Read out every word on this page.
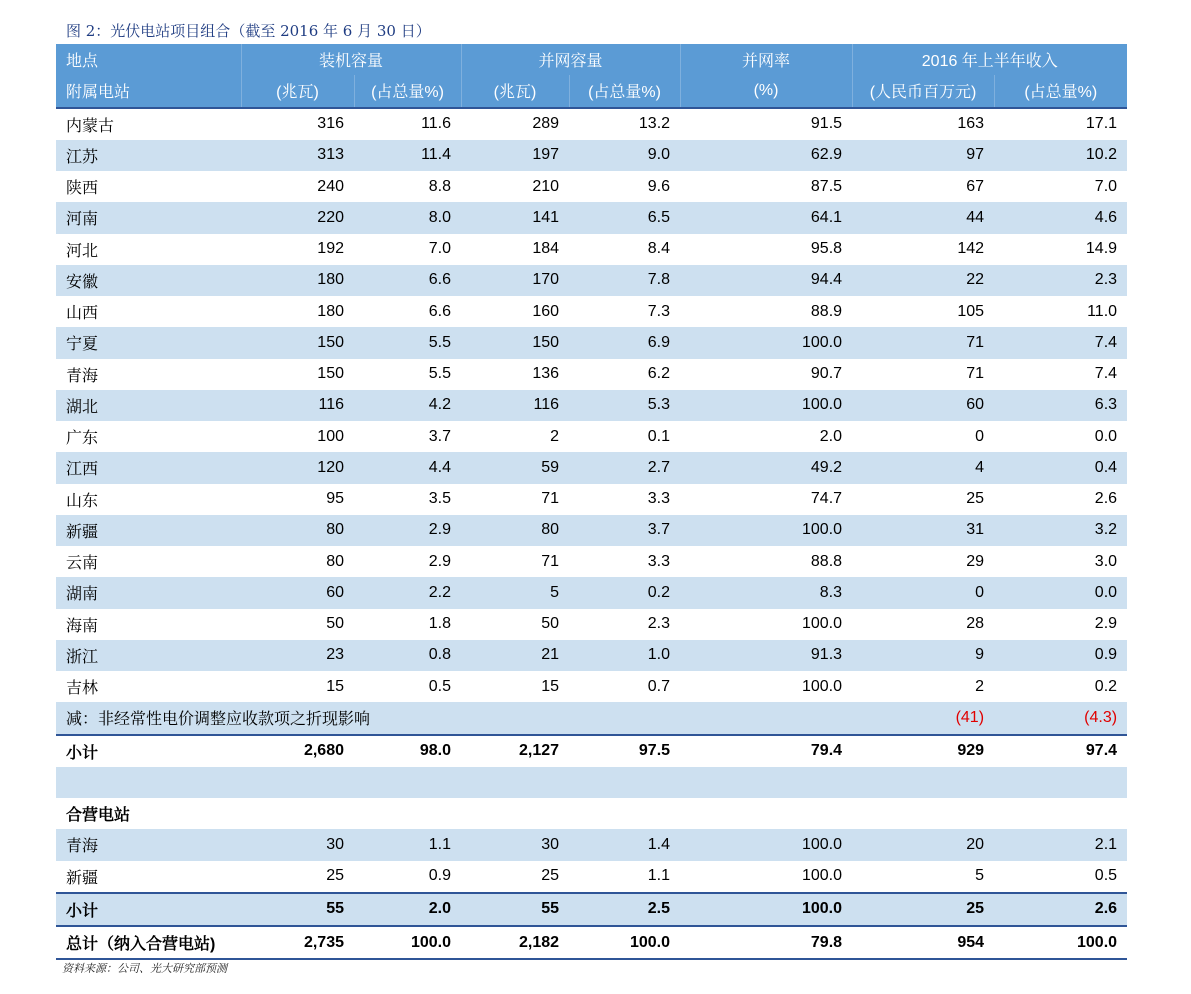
图 2：光伏电站项目组合（截至 2016 年 6 月 30 日）
地点	装机容量		并网容量		并网率	2016 年上半年收入	
附属电站	(兆瓦)	(占总量%)	(兆瓦)	(占总量%)	(%)	(人民币百万元)	(占总量%)
内蒙古	316	11.6	289	13.2	91.5	163	17.1
江苏	313	11.4	197	9.0	62.9	97	10.2
陕西	240	8.8	210	9.6	87.5	67	7.0
河南	220	8.0	141	6.5	64.1	44	4.6
河北	192	7.0	184	8.4	95.8	142	14.9
安徽	180	6.6	170	7.8	94.4	22	2.3
山西	180	6.6	160	7.3	88.9	105	11.0
宁夏	150	5.5	150	6.9	100.0	71	7.4
青海	150	5.5	136	6.2	90.7	71	7.4
湖北	116	4.2	116	5.3	100.0	60	6.3
广东	100	3.7	2	0.1	2.0	0	0.0
江西	120	4.4	59	2.7	49.2	4	0.4
山东	95	3.5	71	3.3	74.7	25	2.6
新疆	80	2.9	80	3.7	100.0	31	3.2
云南	80	2.9	71	3.3	88.8	29	3.0
湖南	60	2.2	5	0.2	8.3	0	0.0
海南	50	1.8	50	2.3	100.0	28	2.9
浙江	23	0.8	21	1.0	91.3	9	0.9
吉林	15	0.5	15	0.7	100.0	2	0.2
减：非经常性电价调整应收款项之折现影响						(41)	(4.3)
小计	2,680	98.0	2,127	97.5	79.4	929	97.4

合营电站							
青海	30	1.1	30	1.4	100.0	20	2.1
新疆	25	0.9	25	1.1	100.0	5	0.5
小计	55	2.0	55	2.5	100.0	25	2.6
总计（纳入合营电站)	2,735	100.0	2,182	100.0	79.8	954	100.0
资料来源：公司、光大研究部预测
